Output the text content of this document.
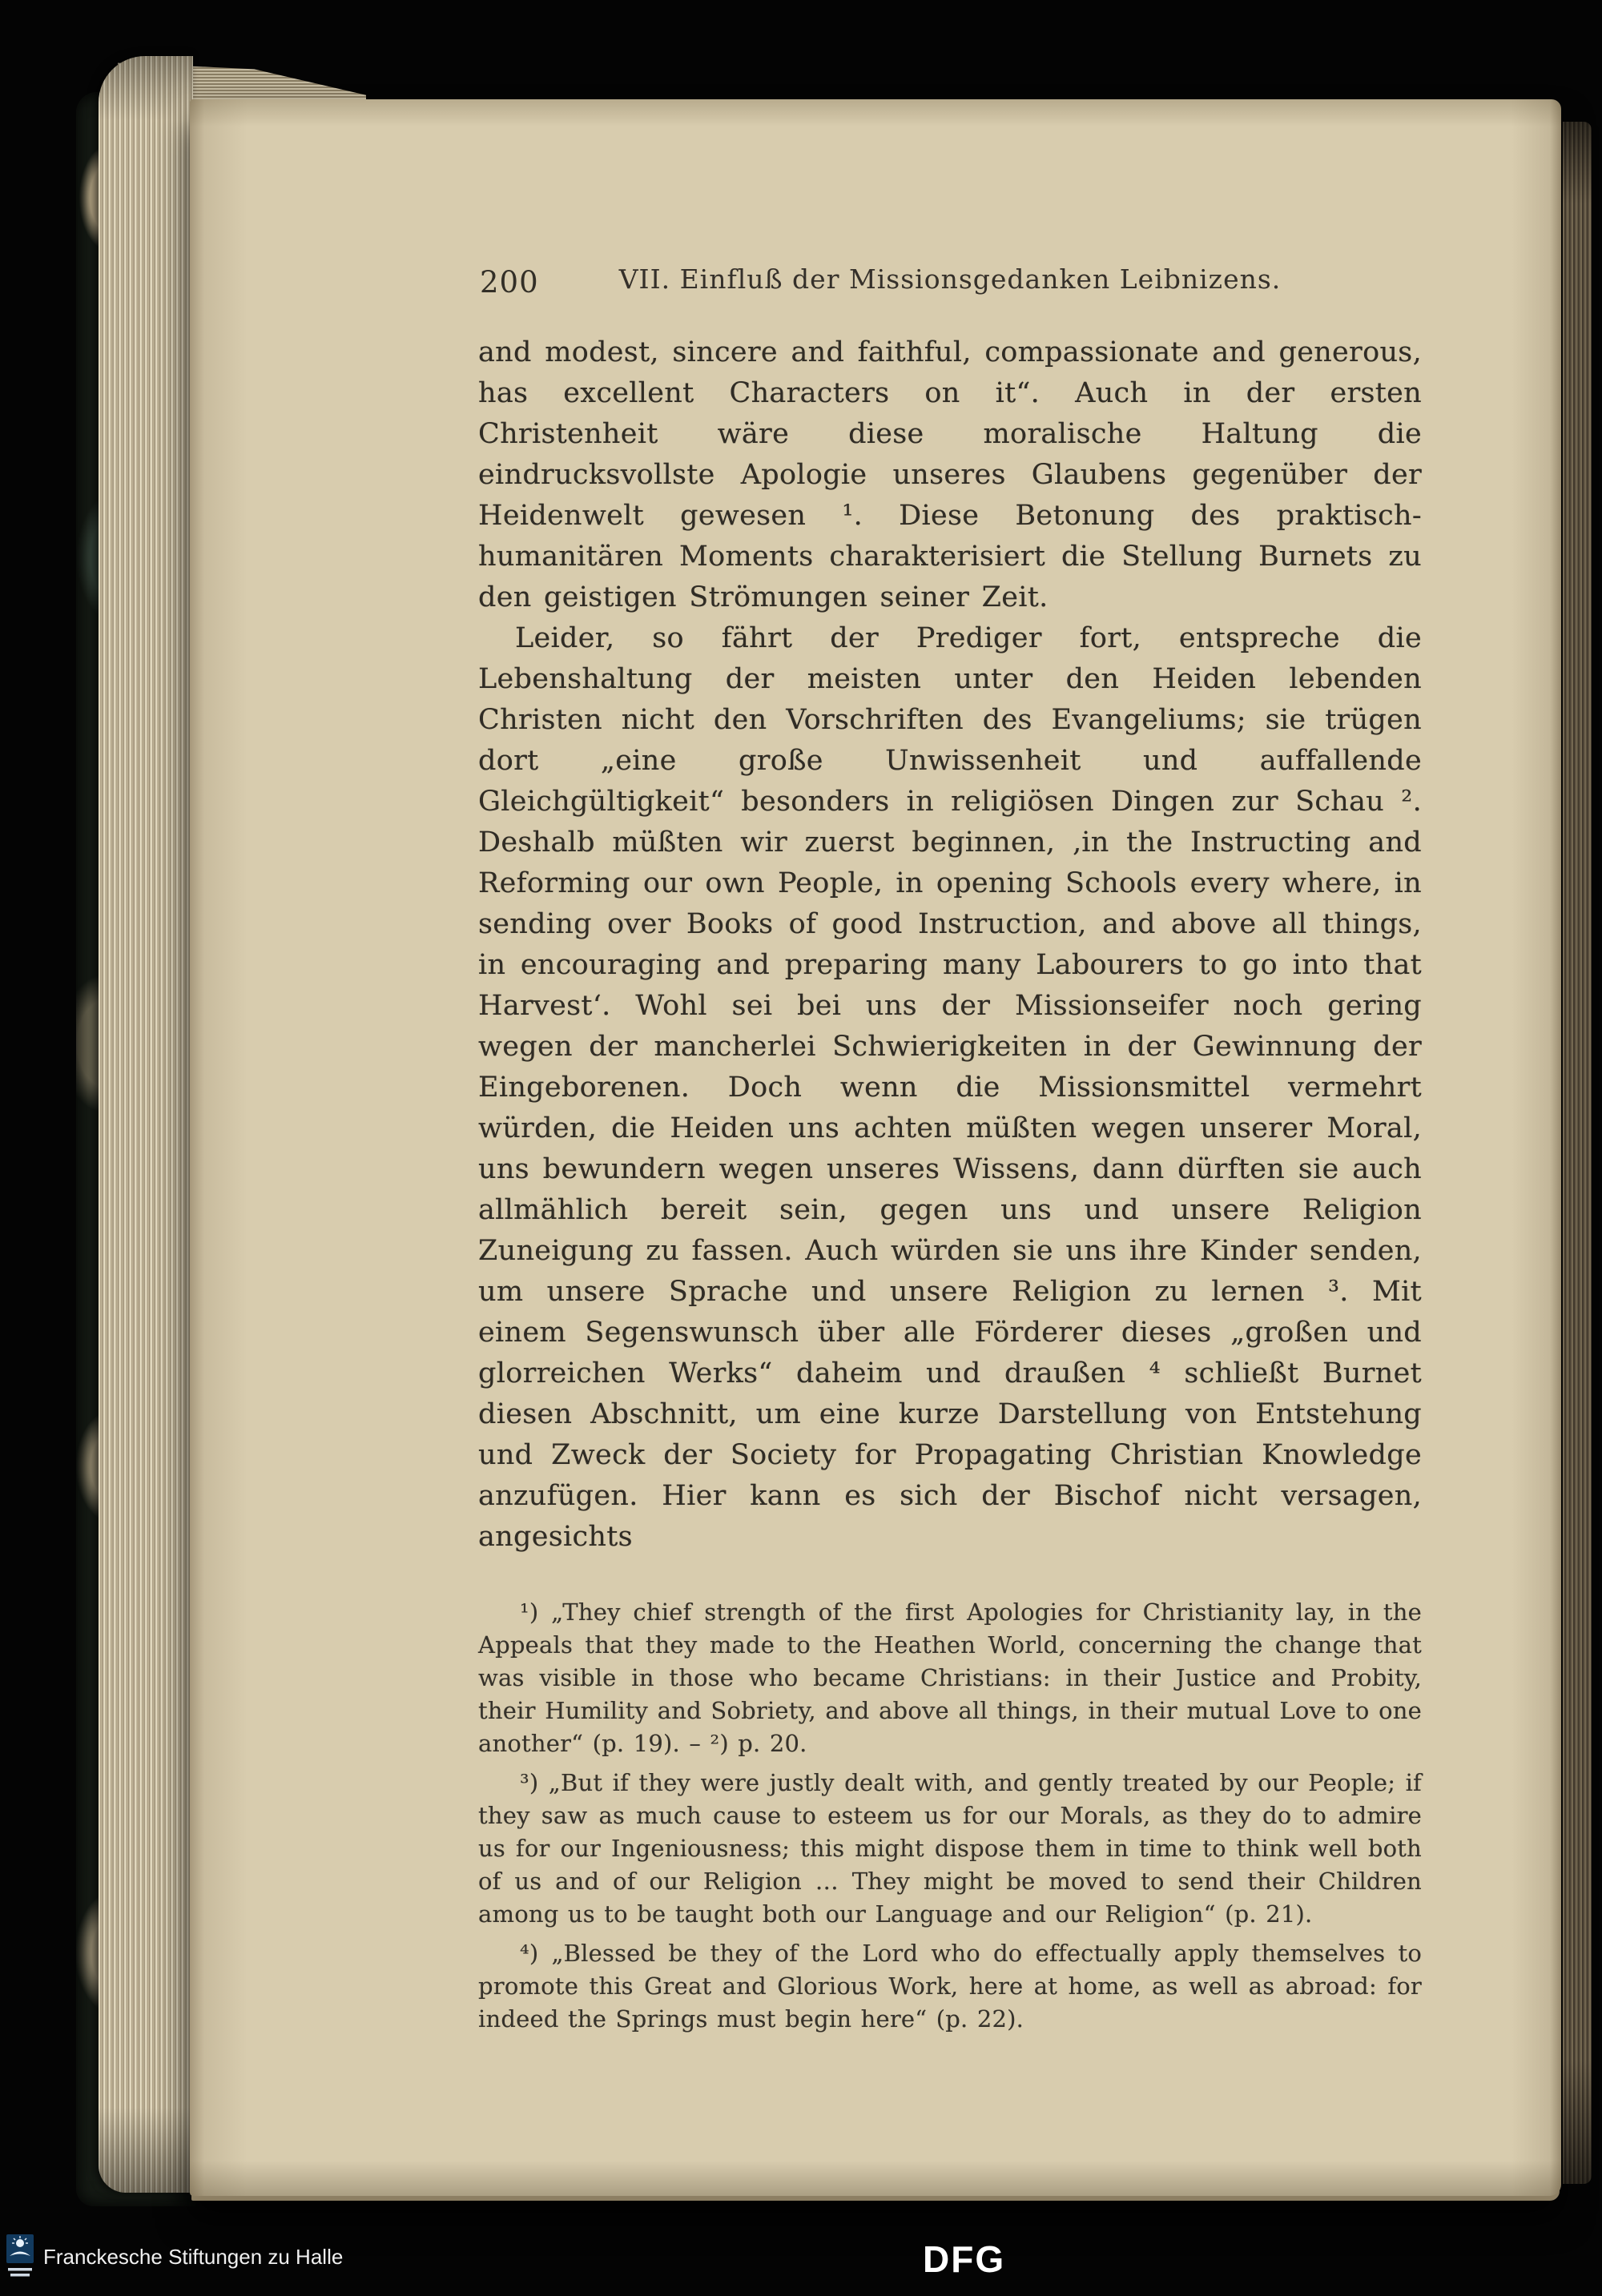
200	VII. Einfluß der Missionsgedanken Leibnizens.

and modest, sincere and faithful, compassionate and generous, has excellent Characters on it“. Auch in der ersten Christenheit wäre diese moralische Haltung die eindrucksvollste Apologie unseres Glaubens gegenüber der Heidenwelt gewesen ¹. Diese Betonung des praktisch-humanitären Moments charakterisiert die Stellung Burnets zu den geistigen Strömungen seiner Zeit.

Leider, so fährt der Prediger fort, entspreche die Lebenshaltung der meisten unter den Heiden lebenden Christen nicht den Vorschriften des Evangeliums; sie trügen dort „eine große Unwissenheit und auffallende Gleichgültigkeit“ besonders in religiösen Dingen zur Schau ². Deshalb müßten wir zuerst beginnen, ‚in the Instructing and Reforming our own People, in opening Schools every where, in sending over Books of good Instruction, and above all things, in encouraging and preparing many Labourers to go into that Harvest‘. Wohl sei bei uns der Missionseifer noch gering wegen der mancherlei Schwierigkeiten in der Gewinnung der Eingeborenen. Doch wenn die Missionsmittel vermehrt würden, die Heiden uns achten müßten wegen unserer Moral, uns bewundern wegen unseres Wissens, dann dürften sie auch allmählich bereit sein, gegen uns und unsere Religion Zuneigung zu fassen. Auch würden sie uns ihre Kinder senden, um unsere Sprache und unsere Religion zu lernen ³. Mit einem Segenswunsch über alle Förderer dieses „großen und glorreichen Werks“ daheim und draußen ⁴ schließt Burnet diesen Abschnitt, um eine kurze Darstellung von Entstehung und Zweck der Society for Propagating Christian Knowledge anzufügen. Hier kann es sich der Bischof nicht versagen, angesichts

¹) „They chief strength of the first Apologies for Christianity lay, in the Appeals that they made to the Heathen World, concerning the change that was visible in those who became Christians: in their Justice and Probity, their Humility and Sobriety, and above all things, in their mutual Love to one another“ (p. 19). – ²) p. 20.

³) „But if they were justly dealt with, and gently treated by our People; if they saw as much cause to esteem us for our Morals, as they do to admire us for our Ingeniousness; this might dispose them in time to think well both of us and of our Religion … They might be moved to send their Children among us to be taught both our Language and our Religion“ (p. 21).

⁴) „Blessed be they of the Lord who do effectually apply themselves to promote this Great and Glorious Work, here at home, as well as abroad: for indeed the Springs must begin here“ (p. 22).

Franckesche Stiftungen zu Halle	DFG
